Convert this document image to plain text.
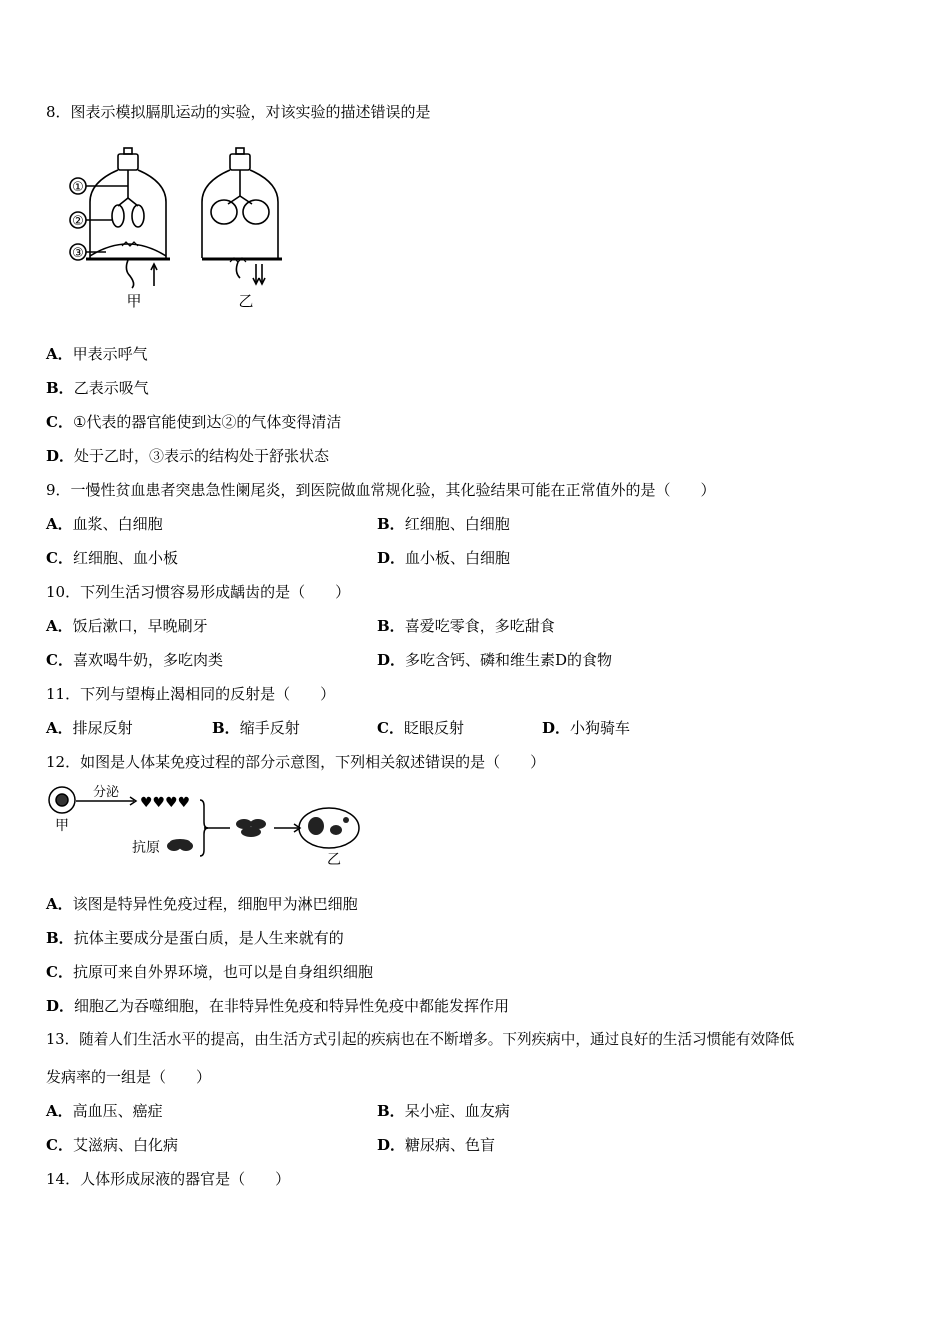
8．图表示模拟膈肌运动的实验，对该实验的描述错误的是
①
②
③
甲	乙
A．甲表示呼气
B．乙表示吸气
C．①代表的器官能使到达②的气体变得清洁
D．处于乙时，③表示的结构处于舒张状态
9．一慢性贫血患者突患急性阑尾炎，到医院做血常规化验，其化验结果可能在正常值外的是（　　）
A．血浆、白细胞	B．红细胞、白细胞
C．红细胞、血小板	D．血小板、白细胞
10．下列生活习惯容易形成龋齿的是（　　）
A．饭后漱口，早晚刷牙	B．喜爱吃零食，多吃甜食
C．喜欢喝牛奶，多吃肉类	D．多吃含钙、磷和维生素D的食物
11．下列与望梅止渴相同的反射是（　　）
A．排尿反射	B．缩手反射	C．眨眼反射	D．小狗骑车
12．如图是人体某免疫过程的部分示意图，下列相关叙述错误的是（　　）
甲
分泌
♥♥♥♥
抗原
乙
A．该图是特异性免疫过程，细胞甲为淋巴细胞
B．抗体主要成分是蛋白质，是人生来就有的
C．抗原可来自外界环境，也可以是自身组织细胞
D．细胞乙为吞噬细胞，在非特异性免疫和特异性免疫中都能发挥作用
13．随着人们生活水平的提高，由生活方式引起的疾病也在不断增多。下列疾病中，通过良好的生活习惯能有效降低
发病率的一组是（　　）
A．高血压、癌症	B．呆小症、血友病
C．艾滋病、白化病	D．糖尿病、色盲
14．人体形成尿液的器官是（　　）
